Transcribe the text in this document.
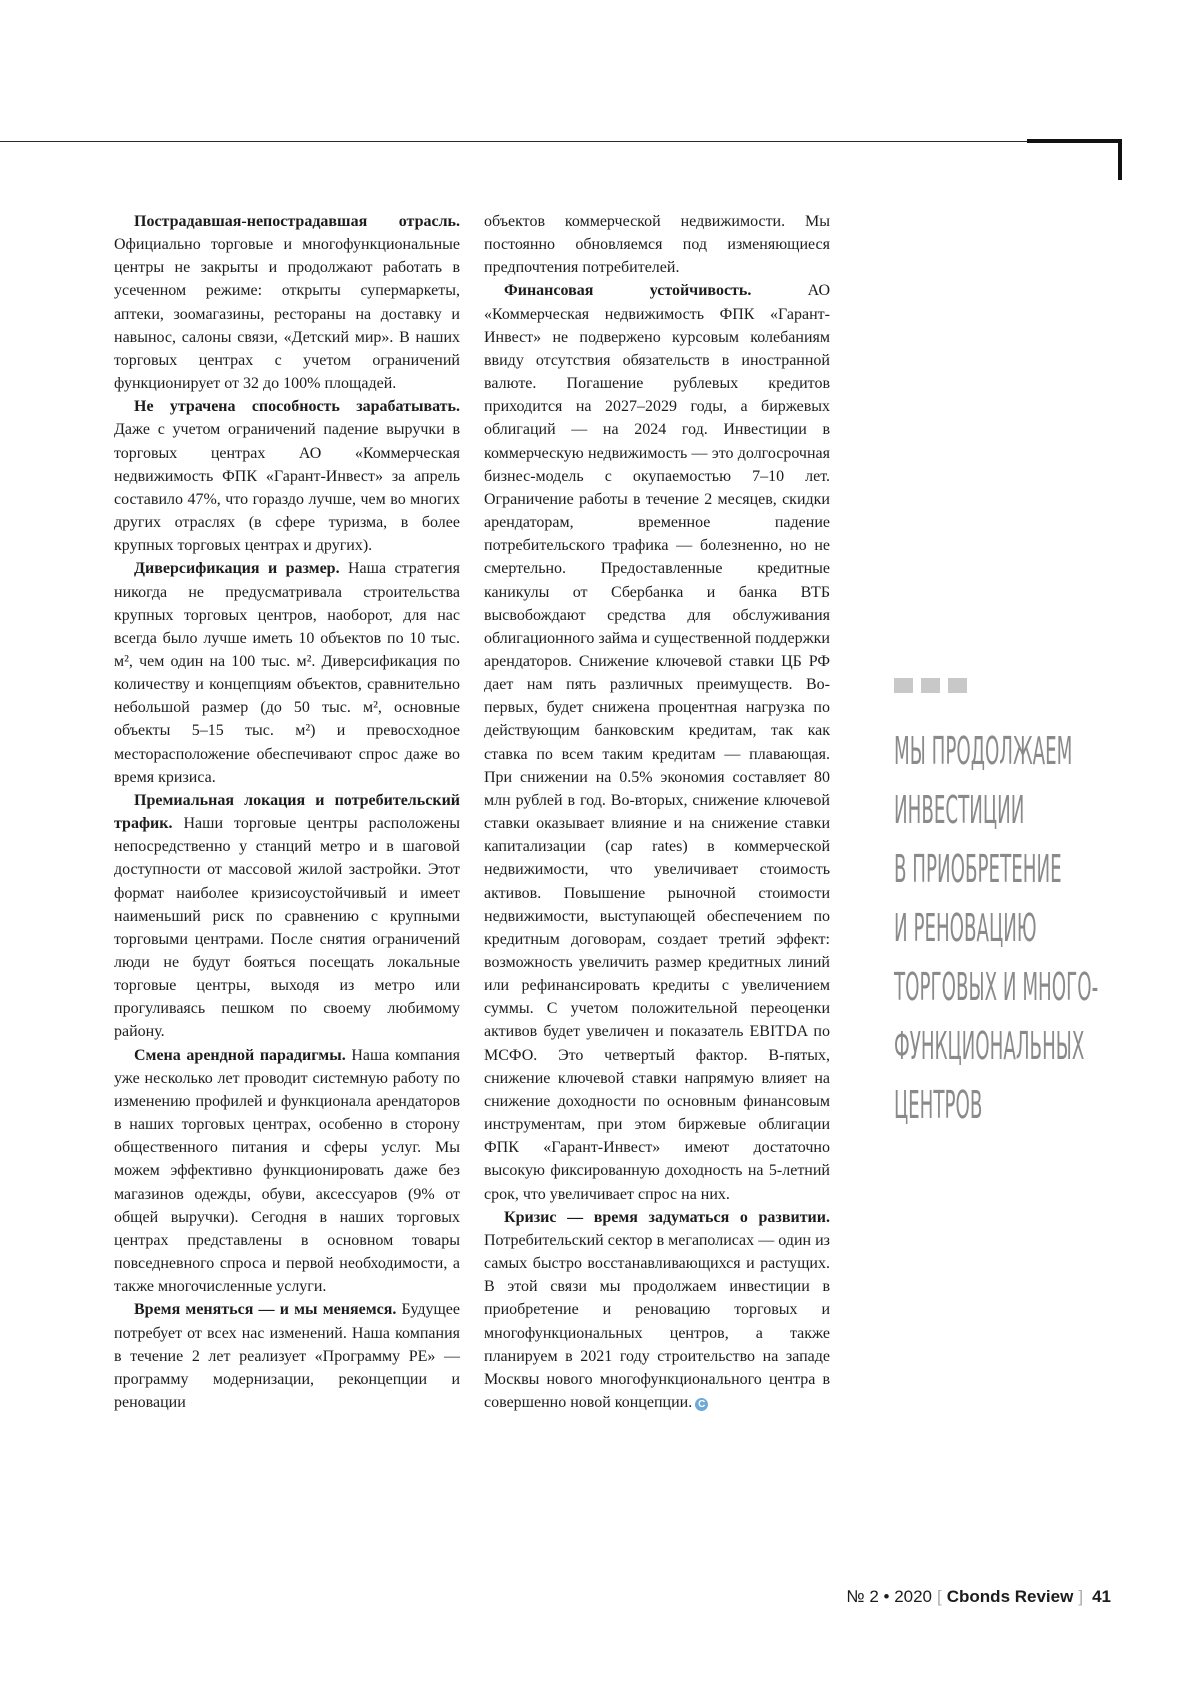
Пострадавшая-непострадавшая отрасль. Официально торговые и многофункциональные центры не закрыты и продолжают работать в усеченном режиме: открыты супермаркеты, аптеки, зоомагазины, рестораны на доставку и навынос, салоны связи, «Детский мир». В наших торговых центрах с учетом ограничений функционирует от 32 до 100% площадей.

Не утрачена способность зарабатывать. Даже с учетом ограничений падение выручки в торговых центрах АО «Коммерческая недвижимость ФПК «Гарант-Инвест» за апрель составило 47%, что гораздо лучше, чем во многих других отраслях (в сфере туризма, в более крупных торговых центрах и других).

Диверсификация и размер. Наша стратегия никогда не предусматривала строительства крупных торговых центров, наоборот, для нас всегда было лучше иметь 10 объектов по 10 тыс. м², чем один на 100 тыс. м². Диверсификация по количеству и концепциям объектов, сравнительно небольшой размер (до 50 тыс. м², основные объекты 5–15 тыс. м²) и превосходное месторасположение обеспечивают спрос даже во время кризиса.

Премиальная локация и потребительский трафик. Наши торговые центры расположены непосредственно у станций метро и в шаговой доступности от массовой жилой застройки. Этот формат наиболее кризисоустойчивый и имеет наименьший риск по сравнению с крупными торговыми центрами. После снятия ограничений люди не будут бояться посещать локальные торговые центры, выходя из метро или прогуливаясь пешком по своему любимому району.

Смена арендной парадигмы. Наша компания уже несколько лет проводит системную работу по изменению профилей и функционала арендаторов в наших торговых центрах, особенно в сторону общественного питания и сферы услуг. Мы можем эффективно функционировать даже без магазинов одежды, обуви, аксессуаров (9% от общей выручки). Сегодня в наших торговых центрах представлены в основном товары повседневного спроса и первой необходимости, а также многочисленные услуги.

Время меняться — и мы меняемся. Будущее потребует от всех нас изменений. Наша компания в течение 2 лет реализует «Программу РЕ» — программу модернизации, реконцепции и реновации

объектов коммерческой недвижимости. Мы постоянно обновляемся под изменяющиеся предпочтения потребителей.

Финансовая устойчивость. АО «Коммерческая недвижимость ФПК «Гарант-Инвест» не подвержено курсовым колебаниям ввиду отсутствия обязательств в иностранной валюте. Погашение рублевых кредитов приходится на 2027–2029 годы, а биржевых облигаций — на 2024 год. Инвестиции в коммерческую недвижимость — это долгосрочная бизнес-модель с окупаемостью 7–10 лет. Ограничение работы в течение 2 месяцев, скидки арендаторам, временное падение потребительского трафика — болезненно, но не смертельно. Предоставленные кредитные каникулы от Сбербанка и банка ВТБ высвобождают средства для обслуживания облигационного займа и существенной поддержки арендаторов. Снижение ключевой ставки ЦБ РФ дает нам пять различных преимуществ. Во-первых, будет снижена процентная нагрузка по действующим банковским кредитам, так как ставка по всем таким кредитам — плавающая. При снижении на 0.5% экономия составляет 80 млн рублей в год. Во-вторых, снижение ключевой ставки оказывает влияние и на снижение ставки капитализации (cap rates) в коммерческой недвижимости, что увеличивает стоимость активов. Повышение рыночной стоимости недвижимости, выступающей обеспечением по кредитным договорам, создает третий эффект: возможность увеличить размер кредитных линий или рефинансировать кредиты с увеличением суммы. С учетом положительной переоценки активов будет увеличен и показатель EBITDA по МСФО. Это четвертый фактор. В-пятых, снижение ключевой ставки напрямую влияет на снижение доходности по основным финансовым инструментам, при этом биржевые облигации ФПК «Гарант-Инвест» имеют достаточно высокую фиксированную доходность на 5-летний срок, что увеличивает спрос на них.

Кризис — время задуматься о развитии. Потребительский сектор в мегаполисах — один из самых быстро восстанавливающихся и растущих. В этой связи мы продолжаем инвестиции в приобретение и реновацию торговых и многофункциональных центров, а также планируем в 2021 году строительство на западе Москвы нового многофункционального центра в совершенно новой концепции. C

МЫ ПРОДОЛЖАЕМ
ИНВЕСТИЦИИ
В ПРИОБРЕТЕНИЕ
И РЕНОВАЦИЮ
ТОРГОВЫХ И МНОГО-
ФУНКЦИОНАЛЬНЫХ
ЦЕНТРОВ
№ 2 • 2020 [ Cbonds Review ] 41
